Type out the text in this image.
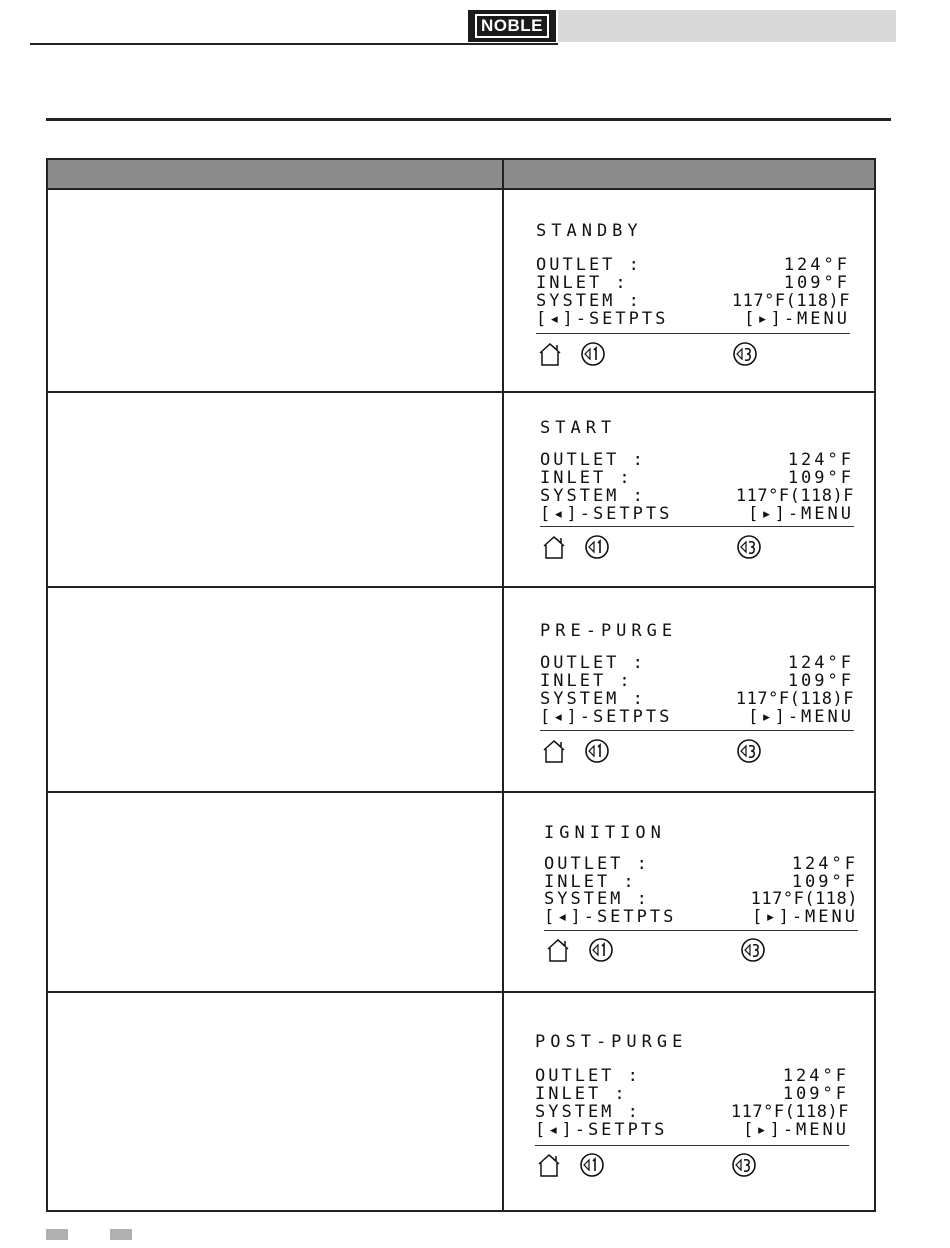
NOBLE
STANDBY
OUTLET :	124°F
INLET :	109°F
SYSTEM :	117°F(118)F
[◂]-SETPTS	[▸]-MENU
START
OUTLET :	124°F
INLET :	109°F
SYSTEM :	117°F(118)F
[◂]-SETPTS	[▸]-MENU
PRE-PURGE
OUTLET :	124°F
INLET :	109°F
SYSTEM :	117°F(118)F
[◂]-SETPTS	[▸]-MENU
IGNITION
OUTLET :	124°F
INLET :	109°F
SYSTEM :	117°F(118)
[◂]-SETPTS	[▸]-MENU
POST-PURGE
OUTLET :	124°F
INLET :	109°F
SYSTEM :	117°F(118)F
[◂]-SETPTS	[▸]-MENU
